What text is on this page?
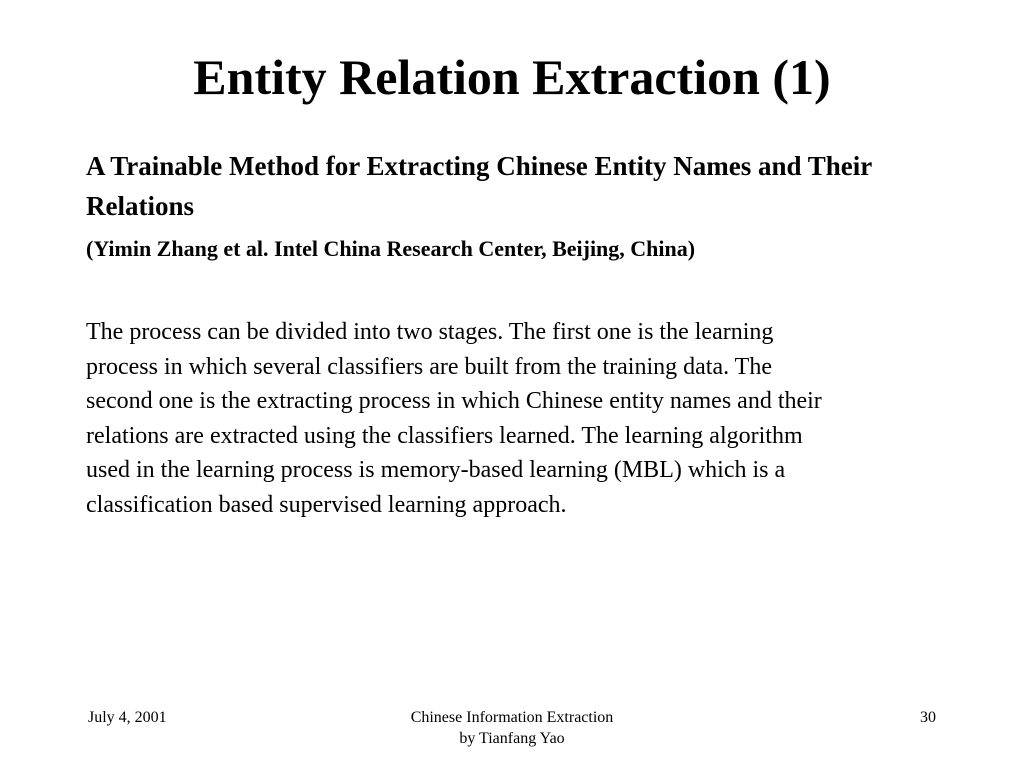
Entity Relation Extraction (1)
A Trainable Method for Extracting Chinese Entity Names and Their Relations
(Yimin Zhang et al. Intel China Research Center, Beijing, China)
The process can be divided into two stages. The first one is the learning
process in which several classifiers are built from the training data. The
second one is the extracting process in which Chinese entity names and their
relations are extracted using the classifiers learned. The learning algorithm
used in the learning process is memory-based learning (MBL) which is a
classification based supervised learning approach.
July 4, 2001	Chinese Information Extraction
by Tianfang Yao
30
